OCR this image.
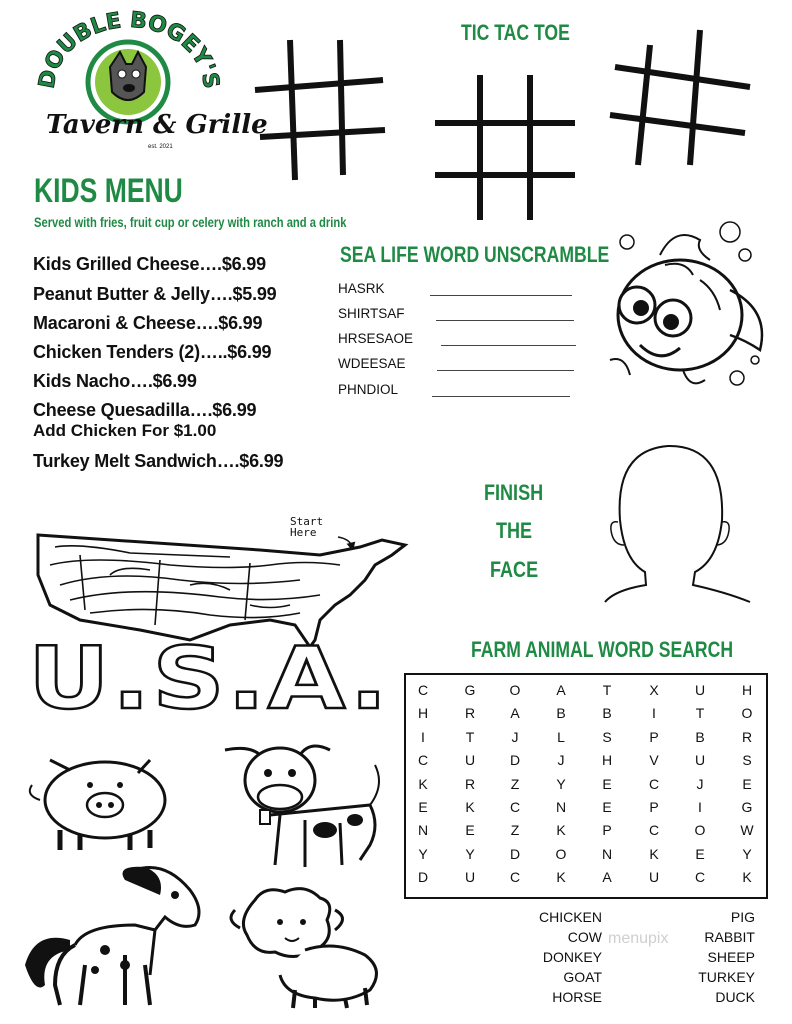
DOUBLE BOGEY'S
Tavern & Grille
est. 2021
KIDS MENU
Served with fries, fruit cup or celery with ranch and a drink
Kids Grilled Cheese….$6.99
Peanut Butter & Jelly….$5.99
Macaroni & Cheese….$6.99
Chicken Tenders (2)…..$6.99
Kids Nacho….$6.99
Cheese Quesadilla….$6.99
Add Chicken For $1.00
Turkey Melt Sandwich….$6.99
TIC TAC TOE
SEA LIFE WORD UNSCRAMBLE
HASRK
SHIRTSAF
HRSESAOE
WDEESAE
PHNDIOL
FINISH
THE
FACE
Start
Here
U.S.A.	FARM ANIMAL WORD SEARCH
C	G	O	A	T	X	U	H
H	R	A	B	B	I	T	O
I	T	J	L	S	P	B	R
C	U	D	J	H	V	U	S
K	R	Z	Y	E	C	J	E
E	K	C	N	E	P	I	G
N	E	Z	K	P	C	O	W
Y	Y	D	O	N	K	E	Y
D	U	C	K	A	U	C	K
CHICKEN
COW
DONKEY
GOAT
HORSE
PIG
RABBIT
SHEEP
TURKEY
DUCK
menupix
